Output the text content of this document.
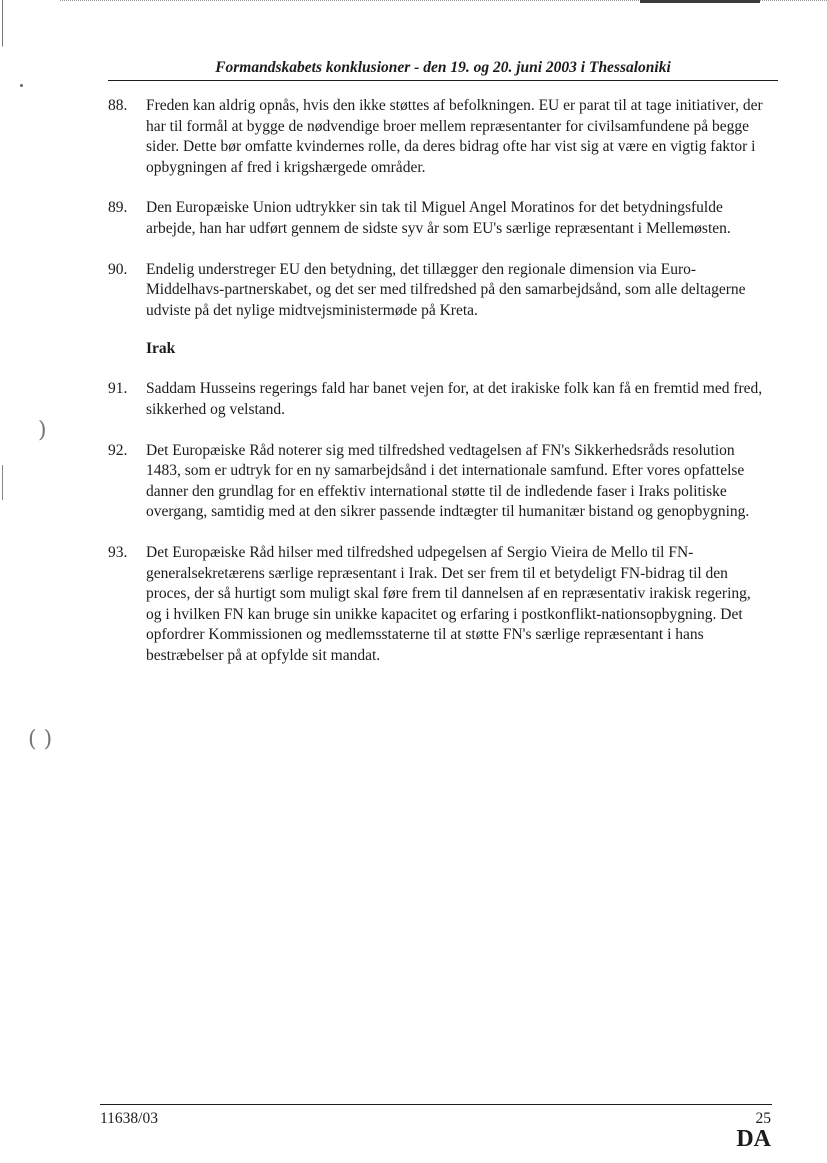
)
( )
Formandskabets konklusioner - den 19. og 20. juni 2003 i Thessaloniki
88.	Freden kan aldrig opnås, hvis den ikke støttes af befolkningen. EU er parat til at tage initiativer, der har til formål at bygge de nødvendige broer mellem repræsentanter for civilsamfundene på begge sider. Dette bør omfatte kvindernes rolle, da deres bidrag ofte har vist sig at være en vigtig faktor i opbygningen af fred i krigshærgede områder.
89.	Den Europæiske Union udtrykker sin tak til Miguel Angel Moratinos for det betydningsfulde arbejde, han har udført gennem de sidste syv år som EU's særlige repræsentant i Mellemøsten.
90.	Endelig understreger EU den betydning, det tillægger den regionale dimension via Euro-Middelhavs-partnerskabet, og det ser med tilfredshed på den samarbejdsånd, som alle deltagerne udviste på det nylige midtvejsministermøde på Kreta.
Irak
91.	Saddam Husseins regerings fald har banet vejen for, at det irakiske folk kan få en fremtid med fred, sikkerhed og velstand.
92.	Det Europæiske Råd noterer sig med tilfredshed vedtagelsen af FN's Sikkerhedsråds resolution 1483, som er udtryk for en ny samarbejdsånd i det internationale samfund. Efter vores opfattelse danner den grundlag for en effektiv international støtte til de indledende faser i Iraks politiske overgang, samtidig med at den sikrer passende indtægter til humanitær bistand og genopbygning.
93.	Det Europæiske Råd hilser med tilfredshed udpegelsen af Sergio Vieira de Mello til FN-generalsekretærens særlige repræsentant i Irak. Det ser frem til et betydeligt FN-bidrag til den proces, der så hurtigt som muligt skal føre frem til dannelsen af en repræsentativ irakisk regering, og i hvilken FN kan bruge sin unikke kapacitet og erfaring i postkonflikt-nationsopbygning. Det opfordrer Kommissionen og medlemsstaterne til at støtte FN's særlige repræsentant i hans bestræbelser på at opfylde sit mandat.
11638/03	25
DA
